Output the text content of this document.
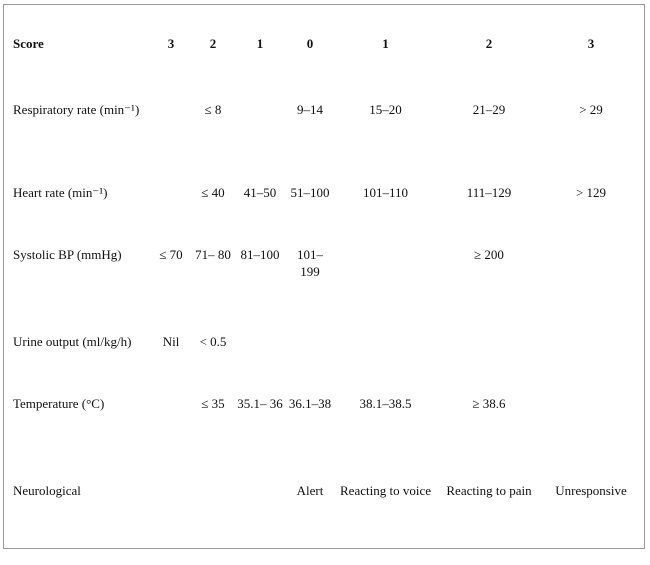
Score	3	2	1	0	1	2	3
Respiratory rate (min⁻¹)		≤ 8		9–14	15–20	21–29	> 29
Heart rate (min⁻¹)		≤ 40	41–50	51–100	101–110	111–129	> 129
Systolic BP (mmHg)	≤ 70	71– 80	81–100	101– 199		≥ 200	
Urine output (ml/kg/h)	Nil	< 0.5					
Temperature (°C)		≤ 35	35.1– 36	36.1–38	38.1–38.5	≥ 38.6	
Neurological				Alert	Reacting to voice	Reacting to pain	Unresponsive
